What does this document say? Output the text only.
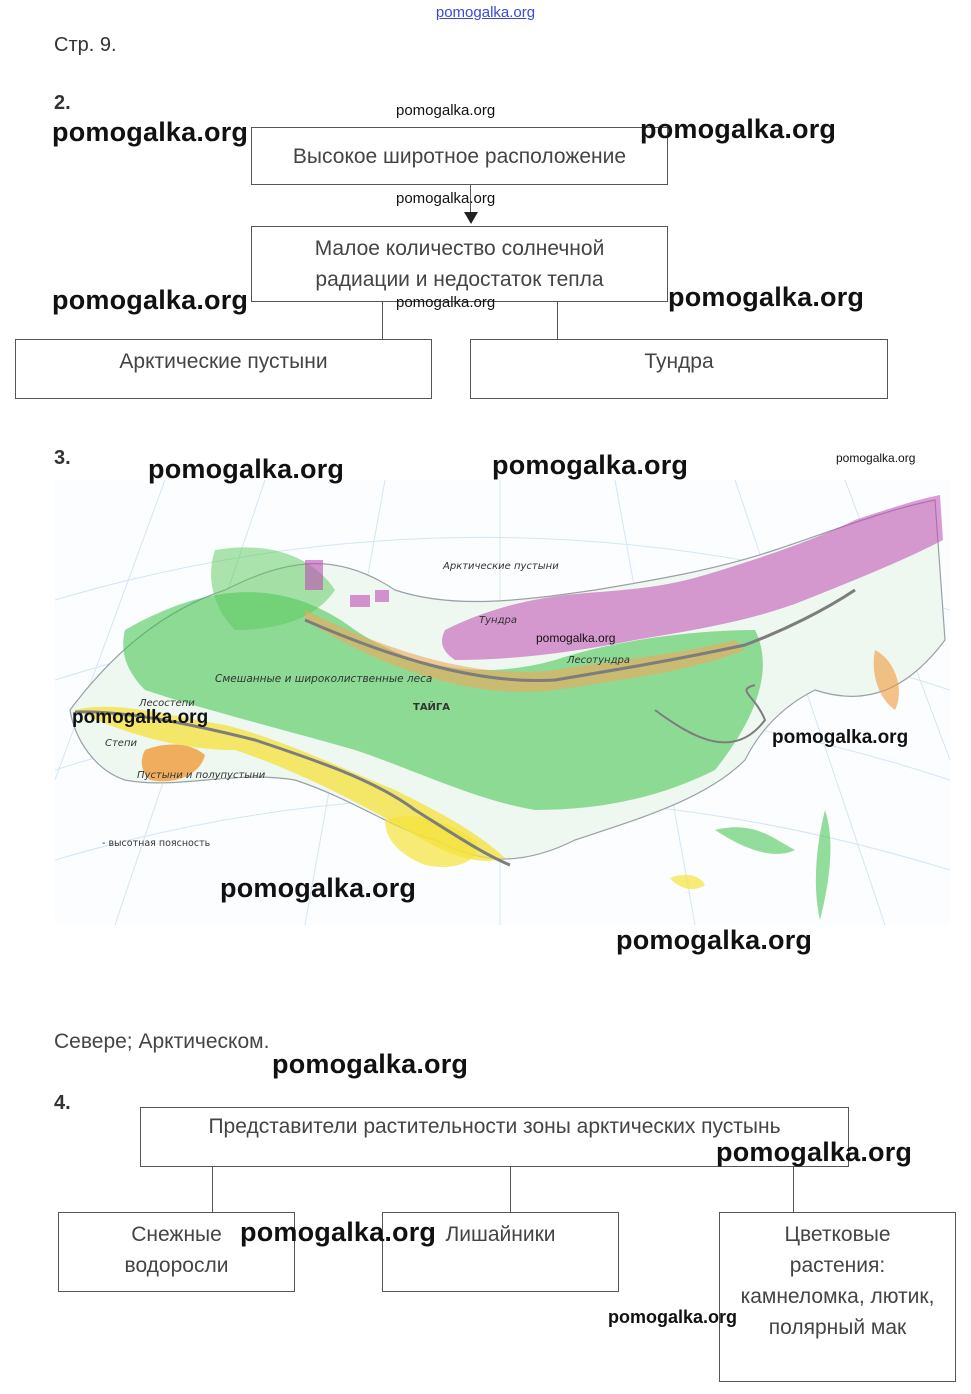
pomogalka.org
Стр. 9.
2.
Высокое широтное расположение
Малое количество солнечной радиации и недостаток тепла
Арктические пустыни	Тундра
3.
Арктические пустыни
Тундра
Лесотундра
ТАЙГА
Смешанные и широколиственные леса
Лесостепи
Степи
Пустыни и полупустыни
- высотная поясность
Севере; Арктическом.
4.
Представители растительности зоны арктических пустынь
Снежные водоросли
Лишайники	Цветковые растения: камнеломка, лютик, полярный мак
pomogalka.org
pomogalka.org	pomogalka.org
pomogalka.org
pomogalka.org	pomogalka.org	pomogalka.org
pomogalka.org	pomogalka.org	pomogalka.org
pomogalka.org
pomogalka.org
pomogalka.org
pomogalka.org
pomogalka.org
pomogalka.org
pomogalka.org
pomogalka.org
pomogalka.org
